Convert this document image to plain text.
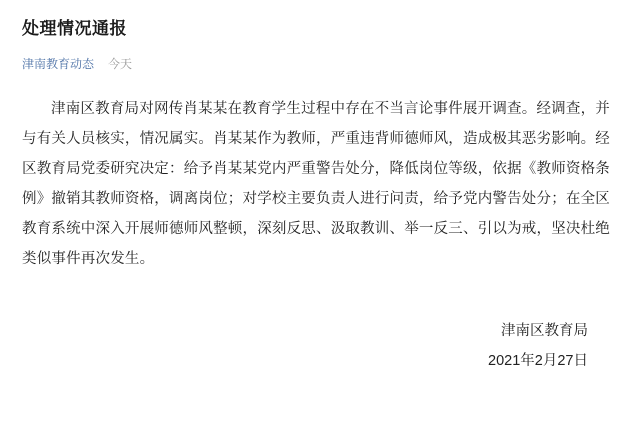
处理情况通报
津南教育动态 今天
津南区教育局对网传肖某某在教育学生过程中存在不当言论事件展开调查。经调查，并与有关人员核实，情况属实。肖某某作为教师，严重违背师德师风，造成极其恶劣影响。经区教育局党委研究决定：给予肖某某党内严重警告处分，降低岗位等级，依据《教师资格条例》撤销其教师资格，调离岗位；对学校主要负责人进行问责，给予党内警告处分；在全区教育系统中深入开展师德师风整顿，深刻反思、汲取教训、举一反三、引以为戒，坚决杜绝类似事件再次发生。
津南区教育局
2021年2月27日
